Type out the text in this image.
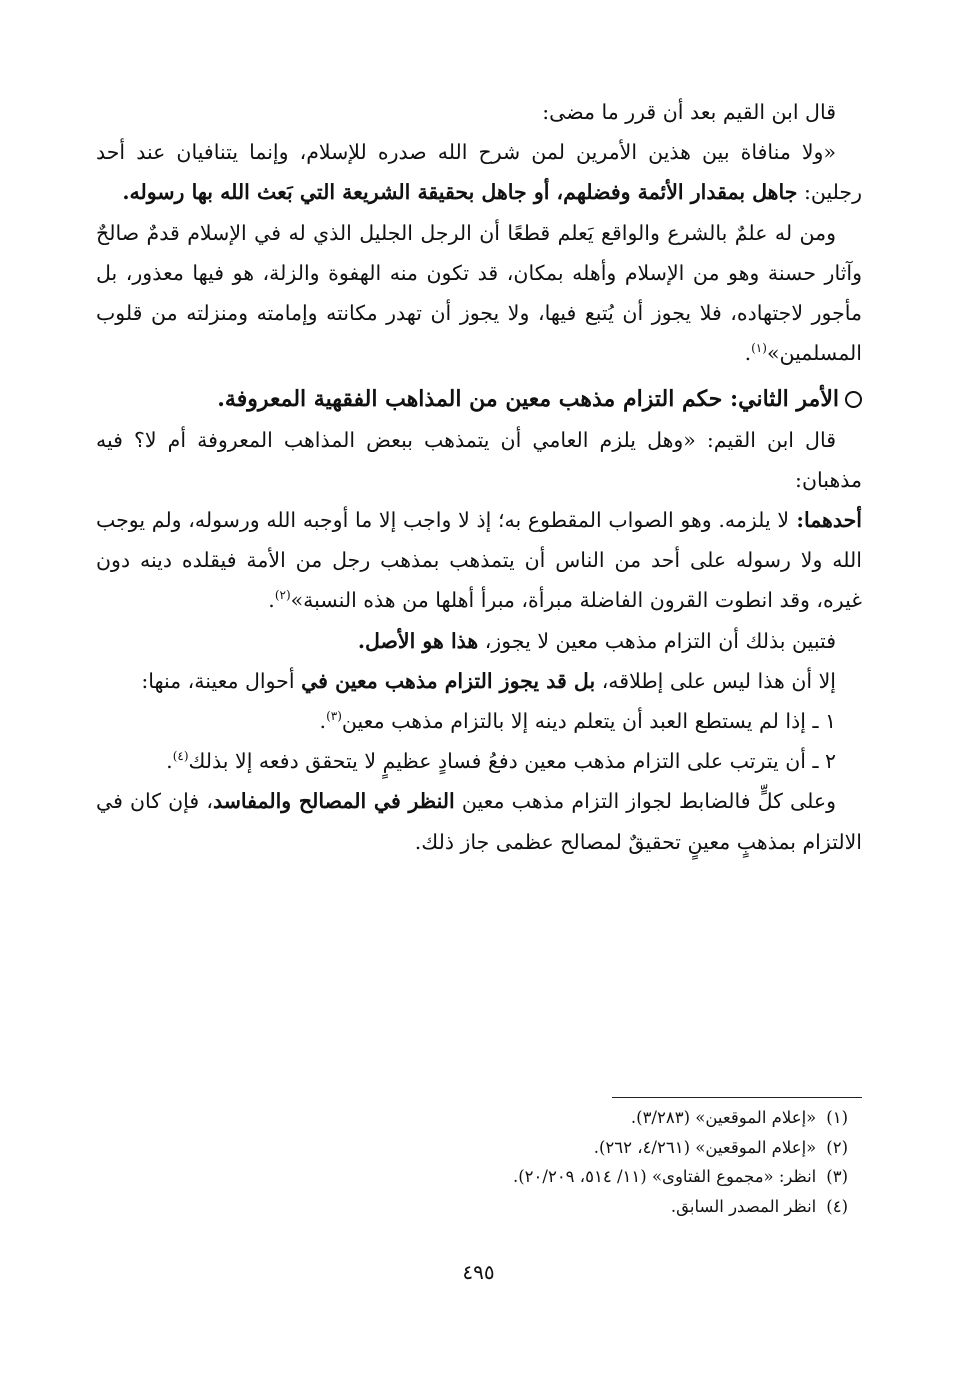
قال ابن القيم بعد أن قرر ما مضى:

«ولا منافاة بين هذين الأمرين لمن شرح الله صدره للإسلام، وإنما يتنافيان عند أحد رجلين: جاهل بمقدار الأئمة وفضلهم، أو جاهل بحقيقة الشريعة التي بَعث الله بها رسوله.

ومن له علمٌ بالشرع والواقع يَعلم قطعًا أن الرجل الجليل الذي له في الإسلام قدمٌ صالحٌ وآثار حسنة وهو من الإسلام وأهله بمكان، قد تكون منه الهفوة والزلة، هو فيها معذور، بل مأجور لاجتهاده، فلا يجوز أن يُتبع فيها، ولا يجوز أن تهدر مكانته وإمامته ومنزلته من قلوب المسلمين»$^{(١)}$.

الأمر الثاني: حكم التزام مذهب معين من المذاهب الفقهية المعروفة.

قال ابن القيم: «وهل يلزم العامي أن يتمذهب ببعض المذاهب المعروفة أم لا؟ فيه مذهبان:

أحدهما: لا يلزمه. وهو الصواب المقطوع به؛ إذ لا واجب إلا ما أوجبه الله ورسوله، ولم يوجب الله ولا رسوله على أحد من الناس أن يتمذهب بمذهب رجل من الأمة فيقلده دينه دون غيره، وقد انطوت القرون الفاضلة مبرأة، مبرأ أهلها من هذه النسبة»$^{(٢)}$.

فتبين بذلك أن التزام مذهب معين لا يجوز، هذا هو الأصل.

إلا أن هذا ليس على إطلاقه، بل قد يجوز التزام مذهب معين في أحوال معينة، منها:

١ ـ إذا لم يستطع العبد أن يتعلم دينه إلا بالتزام مذهب معين$^{(٣)}$.

٢ ـ أن يترتب على التزام مذهب معين دفعُ فسادٍ عظيمٍ لا يتحقق دفعه إلا بذلك$^{(٤)}$.

وعلى كلٍّ فالضابط لجواز التزام مذهب معين النظر في المصالح والمفاسد، فإن كان في الالتزام بمذهبٍ معينٍ تحقيقٌ لمصالح عظمى جاز ذلك.

(١)
«إعلام الموقعين» (٣/٢٨٣).
(٢)
«إعلام الموقعين» (٤/٢٦١، ٢٦٢).
(٣)
انظر: «مجموع الفتاوى» (١١/ ٥١٤، ٢٠/٢٠٩).
(٤)
انظر المصدر السابق.
٤٩٥
